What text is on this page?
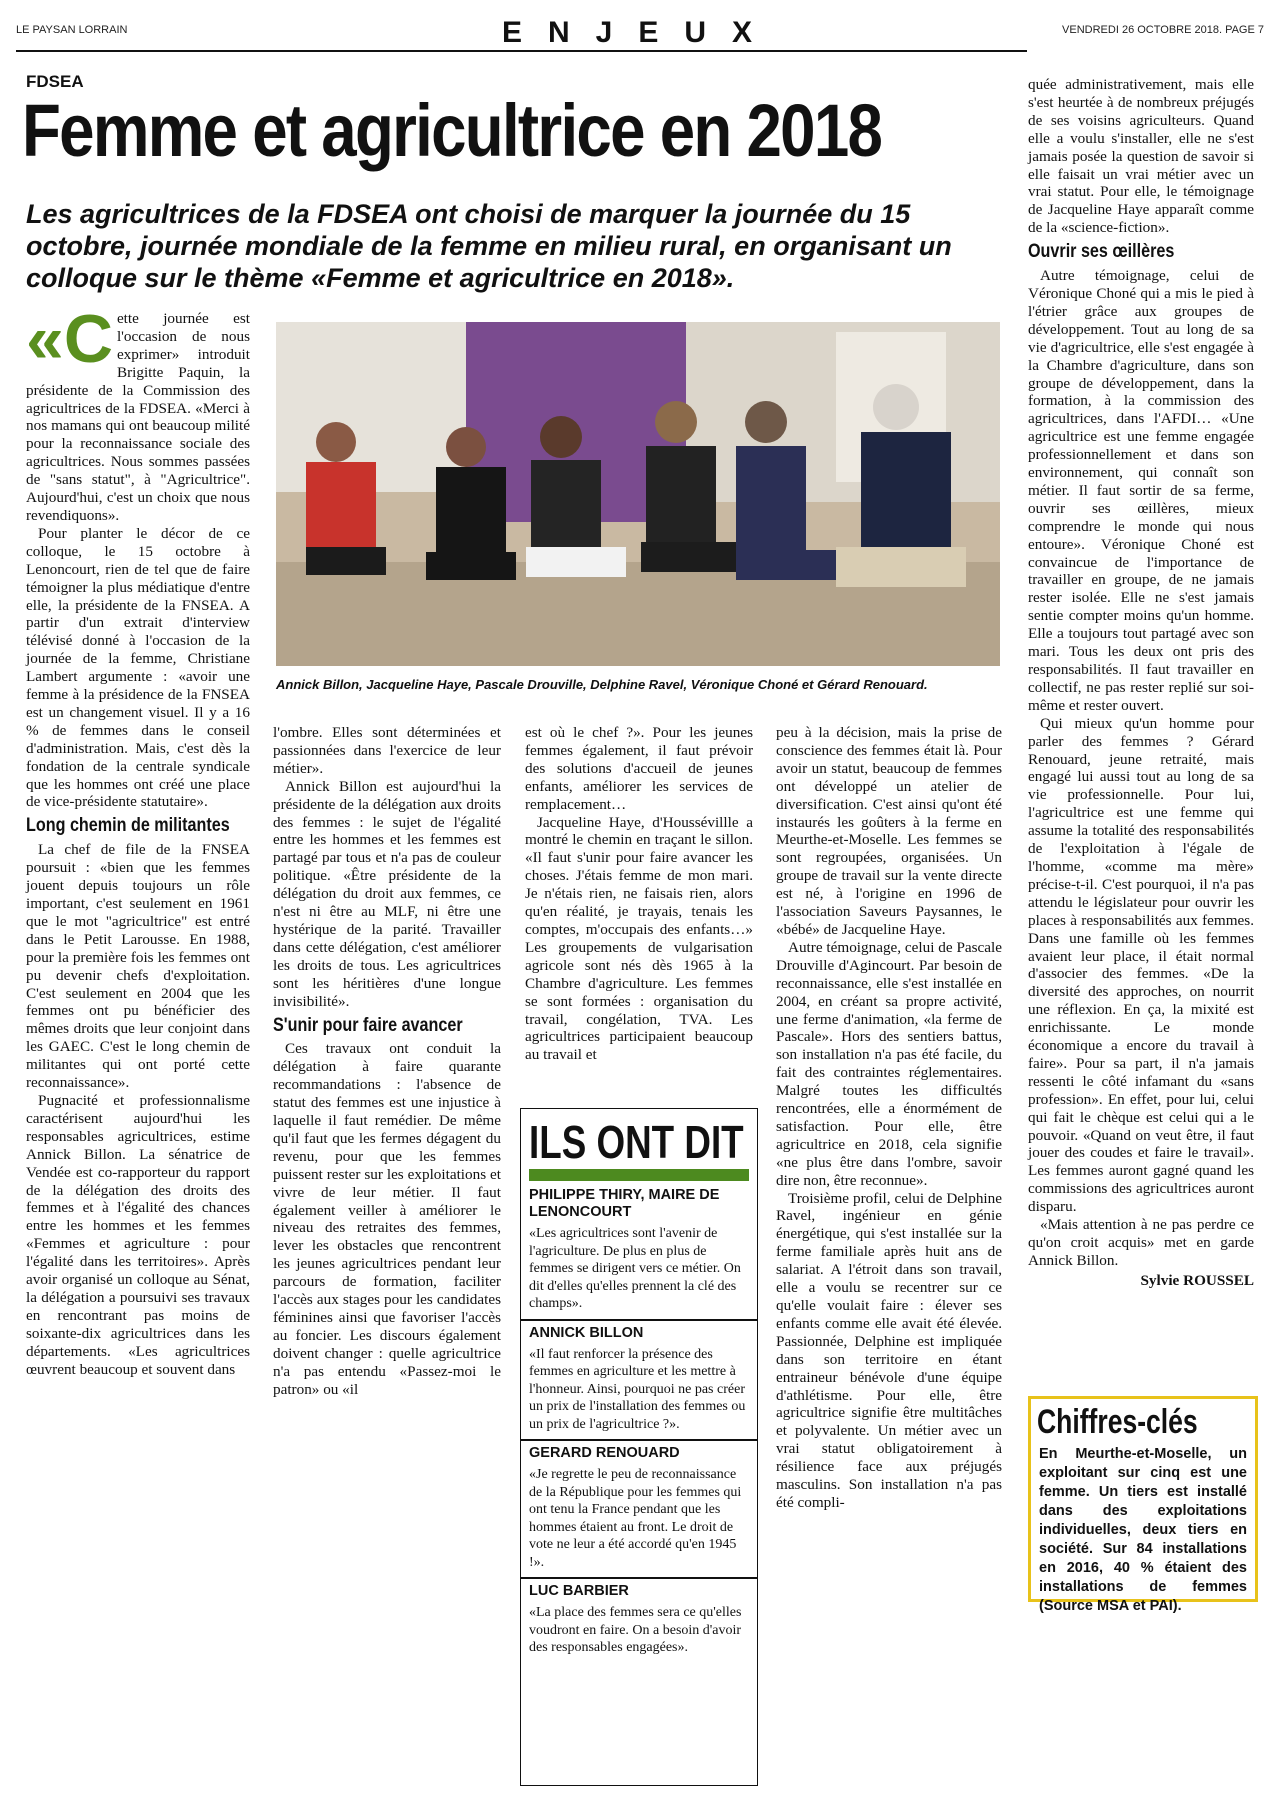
LE PAYSAN LORRAIN	ENJEUX	VENDREDI 26 OCTOBRE 2018. PAGE 7
FDSEA
Femme et agricultrice en 2018
Les agricultrices de la FDSEA ont choisi de marquer la journée du 15 octobre, journée mondiale de la femme en milieu rural, en organisant un colloque sur le thème «Femme et agricultrice en 2018».
Annick Billon, Jacqueline Haye, Pascale Drouville, Delphine Ravel, Véronique Choné et Gérard Renouard.

«C ette journée est l'occasion de nous exprimer» introduit Brigitte Paquin, la présidente de la Commission des agricultrices de la FDSEA. «Merci à nos mamans qui ont beaucoup milité pour la reconnaissance sociale des agricultrices. Nous sommes passées de "sans statut", à "Agricultrice". Aujourd'hui, c'est un choix que nous revendiquons».

Pour planter le décor de ce colloque, le 15 octobre à Lenoncourt, rien de tel que de faire témoigner la plus médiatique d'entre elle, la présidente de la FNSEA. A partir d'un extrait d'interview télévisé donné à l'occasion de la journée de la femme, Christiane Lambert argumente : «avoir une femme à la présidence de la FNSEA est un changement visuel. Il y a 16 % de femmes dans le conseil d'administration. Mais, c'est dès la fondation de la centrale syndicale que les hommes ont créé une place de vice-présidente statutaire».

Long chemin de militantes

La chef de file de la FNSEA poursuit : «bien que les femmes jouent depuis toujours un rôle important, c'est seulement en 1961 que le mot "agricultrice" est entré dans le Petit Larousse. En 1988, pour la première fois les femmes ont pu devenir chefs d'exploitation. C'est seulement en 2004 que les femmes ont pu bénéficier des mêmes droits que leur conjoint dans les GAEC. C'est le long chemin de militantes qui ont porté cette reconnaissance».

Pugnacité et professionnalisme caractérisent aujourd'hui les responsables agricultrices, estime Annick Billon. La sénatrice de Vendée est co-rapporteur du rapport de la délégation des droits des femmes et à l'égalité des chances entre les hommes et les femmes «Femmes et agriculture : pour l'égalité dans les territoires». Après avoir organisé un colloque au Sénat, la délégation a poursuivi ses travaux en rencontrant pas moins de soixante-dix agricultrices dans les départements. «Les agricultrices œuvrent beaucoup et souvent dans

l'ombre. Elles sont déterminées et passionnées dans l'exercice de leur métier».

Annick Billon est aujourd'hui la présidente de la délégation aux droits des femmes : le sujet de l'égalité entre les hommes et les femmes est partagé par tous et n'a pas de couleur politique. «Être présidente de la délégation du droit aux femmes, ce n'est ni être au MLF, ni être une hystérique de la parité. Travailler dans cette délégation, c'est améliorer les droits de tous. Les agricultrices sont les héritières d'une longue invisibilité».

S'unir pour faire avancer

Ces travaux ont conduit la délégation à faire quarante recommandations : l'absence de statut des femmes est une injustice à laquelle il faut remédier. De même qu'il faut que les fermes dégagent du revenu, pour que les femmes puissent rester sur les exploitations et vivre de leur métier. Il faut également veiller à améliorer le niveau des retraites des femmes, lever les obstacles que rencontrent les jeunes agricultrices pendant leur parcours de formation, faciliter l'accès aux stages pour les candidates féminines ainsi que favoriser l'accès au foncier. Les discours également doivent changer : quelle agricultrice n'a pas entendu «Passez-moi le patron» ou «il

est où le chef ?». Pour les jeunes femmes également, il faut prévoir des solutions d'accueil de jeunes enfants, améliorer les services de remplacement…

Jacqueline Haye, d'Houssévillle a montré le chemin en traçant le sillon. «Il faut s'unir pour faire avancer les choses. J'étais femme de mon mari. Je n'étais rien, ne faisais rien, alors qu'en réalité, je trayais, tenais les comptes, m'occupais des enfants…» Les groupements de vulgarisation agricole sont nés dès 1965 à la Chambre d'agriculture. Les femmes se sont formées : organisation du travail, congélation, TVA. Les agricultrices participaient beaucoup au travail et

ILS ONT DIT
PHILIPPE THIRY, MAIRE DE LENONCOURT
«Les agricultrices sont l'avenir de l'agriculture. De plus en plus de femmes se dirigent vers ce métier. On dit d'elles qu'elles prennent la clé des champs».
ANNICK BILLON
«Il faut renforcer la présence des femmes en agriculture et les mettre à l'honneur. Ainsi, pourquoi ne pas créer un prix de l'installation des femmes ou un prix de l'agricultrice ?».
GERARD RENOUARD
«Je regrette le peu de reconnaissance de la République pour les femmes qui ont tenu la France pendant que les hommes étaient au front. Le droit de vote ne leur a été accordé qu'en 1945 !».
LUC BARBIER
«La place des femmes sera ce qu'elles voudront en faire. On a besoin d'avoir des responsables engagées».

peu à la décision, mais la prise de conscience des femmes était là. Pour avoir un statut, beaucoup de femmes ont développé un atelier de diversification. C'est ainsi qu'ont été instaurés les goûters à la ferme en Meurthe-et-Moselle. Les femmes se sont regroupées, organisées. Un groupe de travail sur la vente directe est né, à l'origine en 1996 de l'association Saveurs Paysannes, le «bébé» de Jacqueline Haye.

Autre témoignage, celui de Pascale Drouville d'Agincourt. Par besoin de reconnaissance, elle s'est installée en 2004, en créant sa propre activité, une ferme d'animation, «la ferme de Pascale». Hors des sentiers battus, son installation n'a pas été facile, du fait des contraintes réglementaires. Malgré toutes les difficultés rencontrées, elle a énormément de satisfaction. Pour elle, être agricultrice en 2018, cela signifie «ne plus être dans l'ombre, savoir dire non, être reconnue».

Troisième profil, celui de Delphine Ravel, ingénieur en génie énergétique, qui s'est installée sur la ferme familiale après huit ans de salariat. A l'étroit dans son travail, elle a voulu se recentrer sur ce qu'elle voulait faire : élever ses enfants comme elle avait été élevée. Passionnée, Delphine est impliquée dans son territoire en étant entraineur bénévole d'une équipe d'athlétisme. Pour elle, être agricultrice signifie être multitâches et polyvalente. Un métier avec un vrai statut obligatoirement à résilience face aux préjugés masculins. Son installation n'a pas été compli-

quée administrativement, mais elle s'est heurtée à de nombreux préjugés de ses voisins agriculteurs. Quand elle a voulu s'installer, elle ne s'est jamais posée la question de savoir si elle faisait un vrai métier avec un vrai statut. Pour elle, le témoignage de Jacqueline Haye apparaît comme de la «science-fiction».

Ouvrir ses œillères

Autre témoignage, celui de Véronique Choné qui a mis le pied à l'étrier grâce aux groupes de développement. Tout au long de sa vie d'agricultrice, elle s'est engagée à la Chambre d'agriculture, dans son groupe de développement, dans la formation, à la commission des agricultrices, dans l'AFDI… «Une agricultrice est une femme engagée professionnellement et dans son environnement, qui connaît son métier. Il faut sortir de sa ferme, ouvrir ses œillères, mieux comprendre le monde qui nous entoure». Véronique Choné est convaincue de l'importance de travailler en groupe, de ne jamais rester isolée. Elle ne s'est jamais sentie compter moins qu'un homme. Elle a toujours tout partagé avec son mari. Tous les deux ont pris des responsabilités. Il faut travailler en collectif, ne pas rester replié sur soi-même et rester ouvert.

Qui mieux qu'un homme pour parler des femmes ? Gérard Renouard, jeune retraité, mais engagé lui aussi tout au long de sa vie professionnelle. Pour lui, l'agricultrice est une femme qui assume la totalité des responsabilités de l'exploitation à l'égale de l'homme, «comme ma mère» précise-t-il. C'est pourquoi, il n'a pas attendu le législateur pour ouvrir les places à responsabilités aux femmes. Dans une famille où les femmes avaient leur place, il était normal d'associer des femmes. «De la diversité des approches, on nourrit une réflexion. En ça, la mixité est enrichissante. Le monde économique a encore du travail à faire». Pour sa part, il n'a jamais ressenti le côté infamant du «sans profession». En effet, pour lui, celui qui fait le chèque est celui qui a le pouvoir. «Quand on veut être, il faut jouer des coudes et faire le travail». Les femmes auront gagné quand les commissions des agricultrices auront disparu.

«Mais attention à ne pas perdre ce qu'on croit acquis» met en garde Annick Billon.

Sylvie ROUSSEL
Chiffres-clés
En Meurthe-et-Moselle, un exploitant sur cinq est une femme. Un tiers est installé dans des exploitations individuelles, deux tiers en société. Sur 84 installations en 2016, 40 % étaient des installations de femmes (Source MSA et PAI).
